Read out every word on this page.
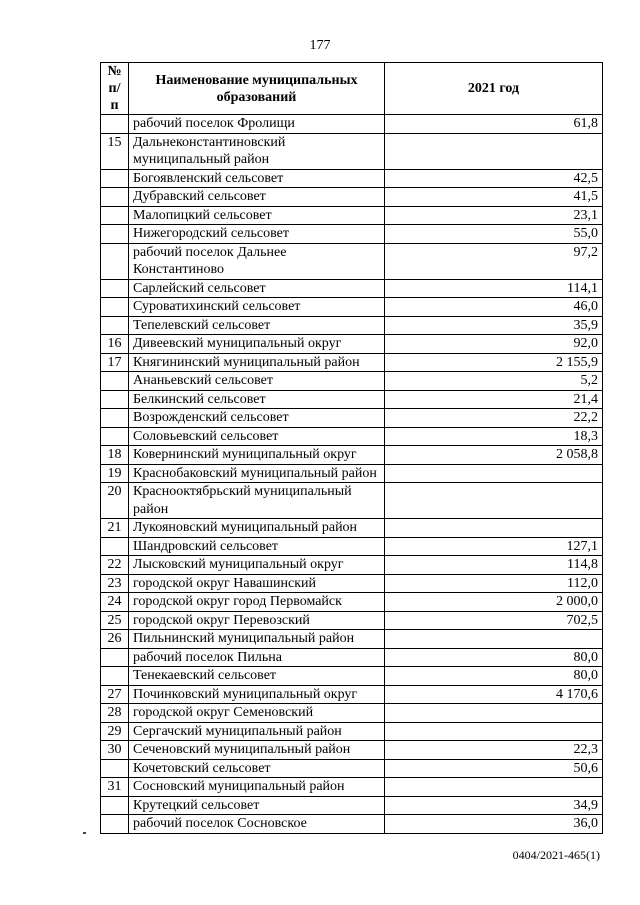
177
№ п/п	Наименование муниципальных образований	2021 год
	рабочий поселок Фролищи	61,8
15	Дальнеконстантиновский муниципальный район	
	Богоявленский сельсовет	42,5
	Дубравский сельсовет	41,5
	Малопицкий сельсовет	23,1
	Нижегородский сельсовет	55,0
	рабочий поселок Дальнее Константиново	97,2
	Сарлейский сельсовет	114,1
	Суроватихинский сельсовет	46,0
	Тепелевский сельсовет	35,9
16	Дивеевский муниципальный округ	92,0
17	Княгининский муниципальный район	2 155,9
	Ананьевский сельсовет	5,2
	Белкинский сельсовет	21,4
	Возрожденский сельсовет	22,2
	Соловьевский сельсовет	18,3
18	Ковернинский муниципальный округ	2 058,8
19	Краснобаковский муниципальный район	
20	Краснооктябрьский муниципальный район	
21	Лукояновский муниципальный район	
	Шандровский сельсовет	127,1
22	Лысковский муниципальный округ	114,8
23	городской округ Навашинский	112,0
24	городской округ город Первомайск	2 000,0
25	городской округ Перевозский	702,5
26	Пильнинский муниципальный район	
	рабочий поселок Пильна	80,0
	Тенекаевский сельсовет	80,0
27	Починковский муниципальный округ	4 170,6
28	городской округ Семеновский	
29	Сергачский муниципальный район	
30	Сеченовский муниципальный район	22,3
	Кочетовский сельсовет	50,6
31	Сосновский муниципальный район	
	Крутецкий сельсовет	34,9
	рабочий поселок Сосновское	36,0
0404/2021-465(1)
